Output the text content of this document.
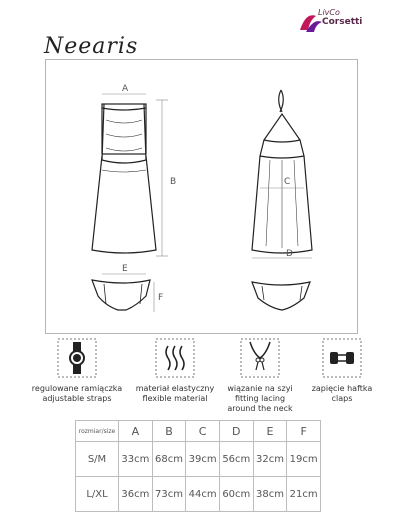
LivCo
Corsetti
Neearis
A
B
E
F
C
D
regulowane ramiączka
adjustable straps
materiał elastyczny
flexible material
wiązanie na szyi
fitting lacing
around the neck
zapięcie haftka
claps
rozmiar/size	A	B	C	D	E	F
S/M	33cm	68cm	39cm	56cm	32cm	19cm
L/XL	36cm	73cm	44cm	60cm	38cm	21cm
